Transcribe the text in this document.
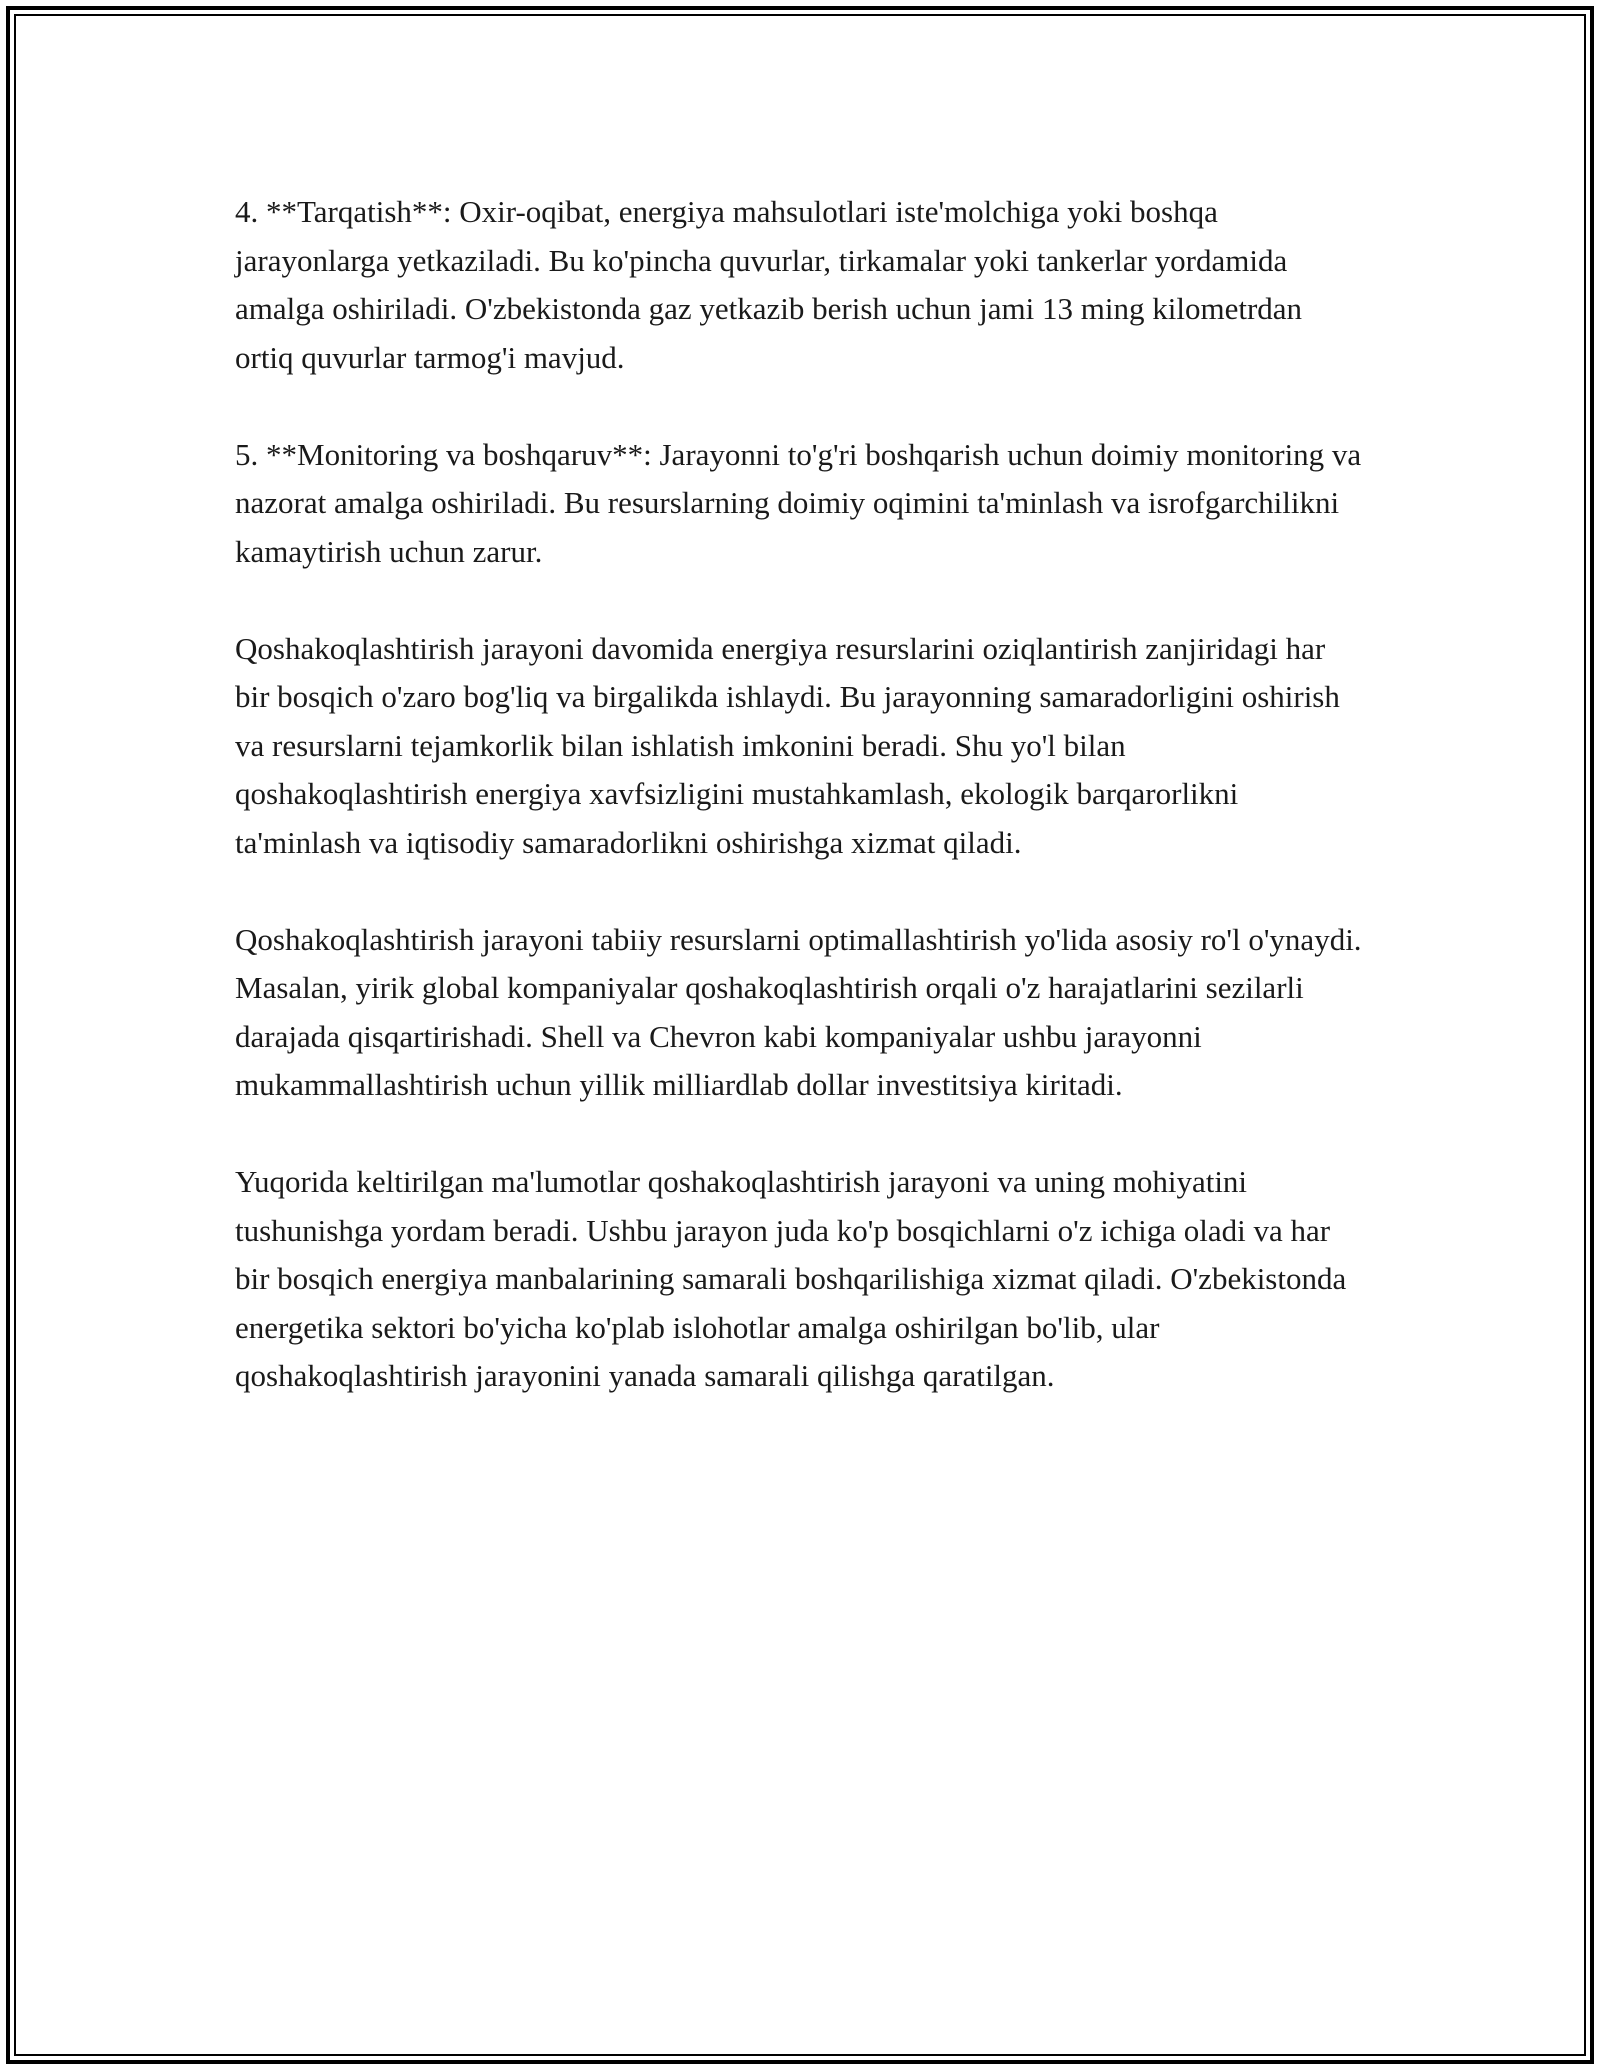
4. **Tarqatish**: Oxir-oqibat, energiya mahsulotlari iste'molchiga yoki boshqa jarayonlarga yetkaziladi. Bu ko'pincha quvurlar, tirkamalar yoki tankerlar yordamida amalga oshiriladi. O'zbekistonda gaz yetkazib berish uchun jami 13 ming kilometrdan ortiq quvurlar tarmog'i mavjud.

5. **Monitoring va boshqaruv**: Jarayonni to'g'ri boshqarish uchun doimiy monitoring va nazorat amalga oshiriladi. Bu resurslarning doimiy oqimini ta'minlash va isrofgarchilikni kamaytirish uchun zarur.

Qoshakoqlashtirish jarayoni davomida energiya resurslarini oziqlantirish zanjiridagi har bir bosqich o'zaro bog'liq va birgalikda ishlaydi. Bu jarayonning samaradorligini oshirish va resurslarni tejamkorlik bilan ishlatish imkonini beradi. Shu yo'l bilan qoshakoqlashtirish energiya xavfsizligini mustahkamlash, ekologik barqarorlikni ta'minlash va iqtisodiy samaradorlikni oshirishga xizmat qiladi.

Qoshakoqlashtirish jarayoni tabiiy resurslarni optimallashtirish yo'lida asosiy ro'l o'ynaydi. Masalan, yirik global kompaniyalar qoshakoqlashtirish orqali o'z harajatlarini sezilarli darajada qisqartirishadi. Shell va Chevron kabi kompaniyalar ushbu jarayonni mukammallashtirish uchun yillik milliardlab dollar investitsiya kiritadi.

Yuqorida keltirilgan ma'lumotlar qoshakoqlashtirish jarayoni va uning mohiyatini tushunishga yordam beradi. Ushbu jarayon juda ko'p bosqichlarni o'z ichiga oladi va har bir bosqich energiya manbalarining samarali boshqarilishiga xizmat qiladi. O'zbekistonda energetika sektori bo'yicha ko'plab islohotlar amalga oshirilgan bo'lib, ular qoshakoqlashtirish jarayonini yanada samarali qilishga qaratilgan.
